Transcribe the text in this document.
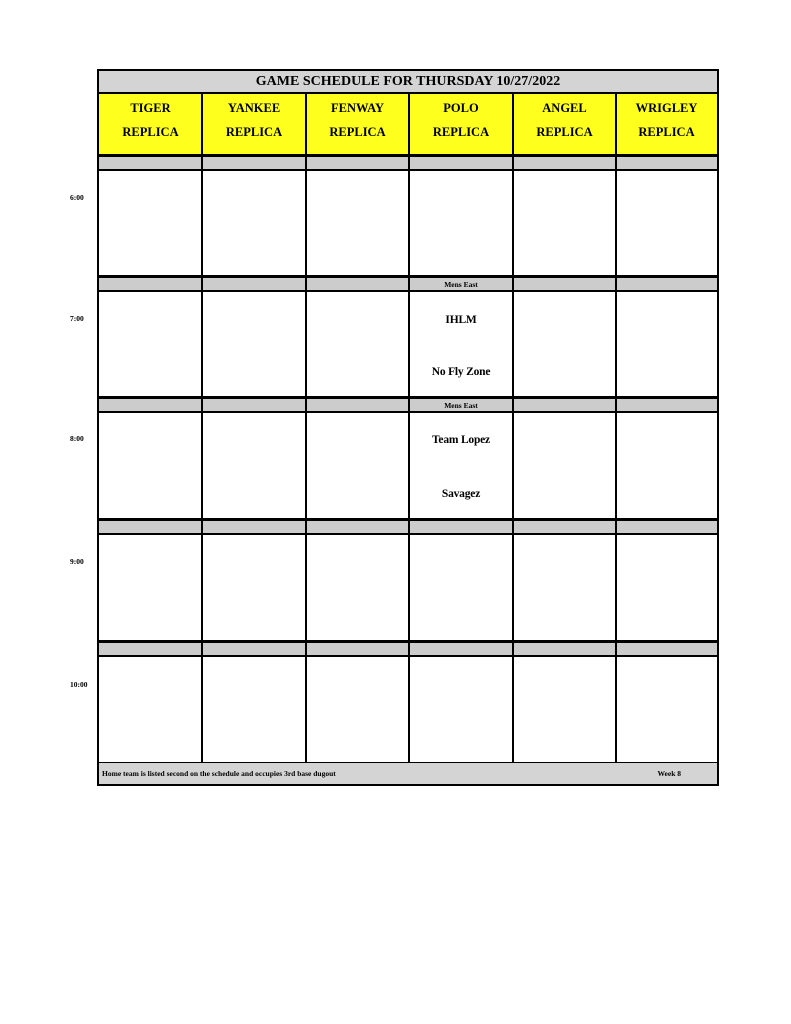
6:00
7:00
8:00
9:00
10:00
GAME SCHEDULE FOR THURSDAY 10/27/2022
TIGER
REPLICA
YANKEE
REPLICA
FENWAY
REPLICA
POLO
REPLICA
ANGEL
REPLICA
WRIGLEY
REPLICA
Mens East
IHLM
No Fly Zone
Mens East
Team Lopez
Savagez
Home team is listed second on the schedule and occupies 3rd base dugout	Week 8
